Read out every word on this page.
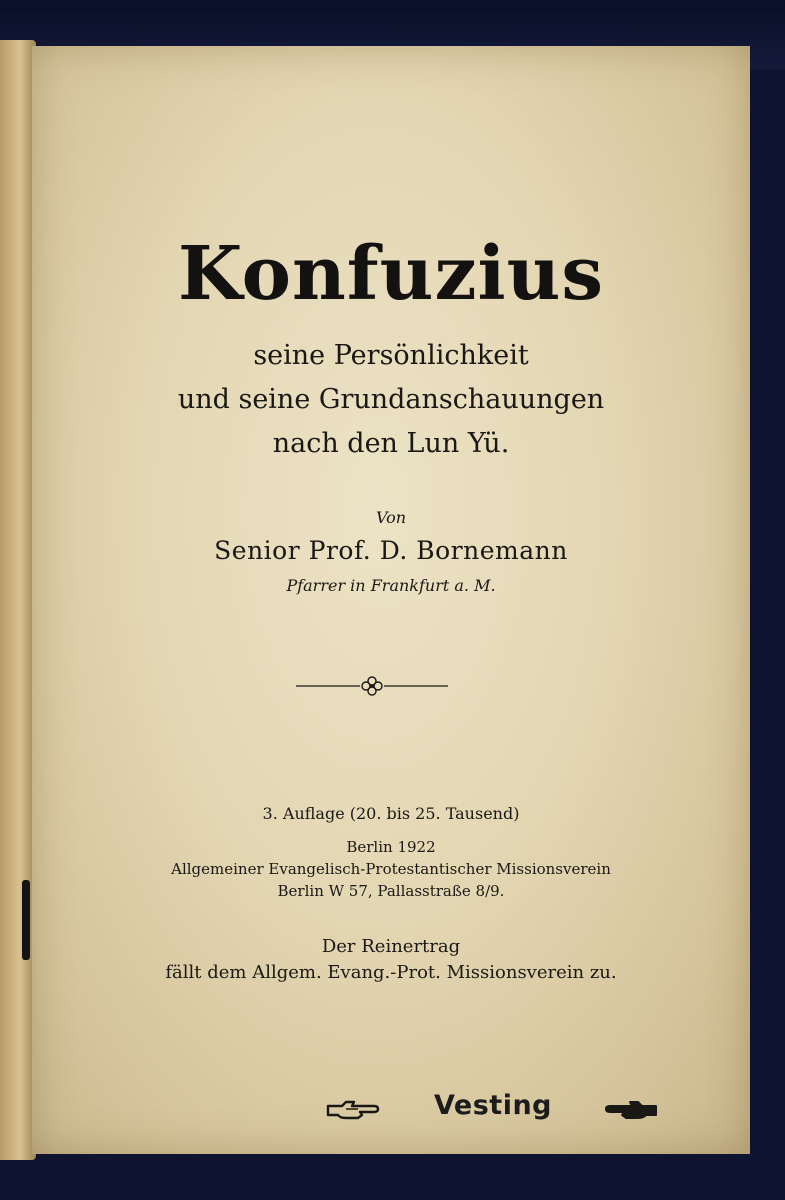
Konfuzius
seine Persönlichkeit
und seine Grundanschauungen
nach den Lun Yü.
Von
Senior Prof. D. Bornemann
Pfarrer in Frankfurt a. M.
3. Auflage (20. bis 25. Tausend)
Berlin 1922
Allgemeiner Evangelisch-Protestantischer Missionsverein
Berlin W 57, Pallasstraße 8/9.
Der Reinertrag
fällt dem Allgem. Evang.-Prot. Missionsverein zu.
Vesting
